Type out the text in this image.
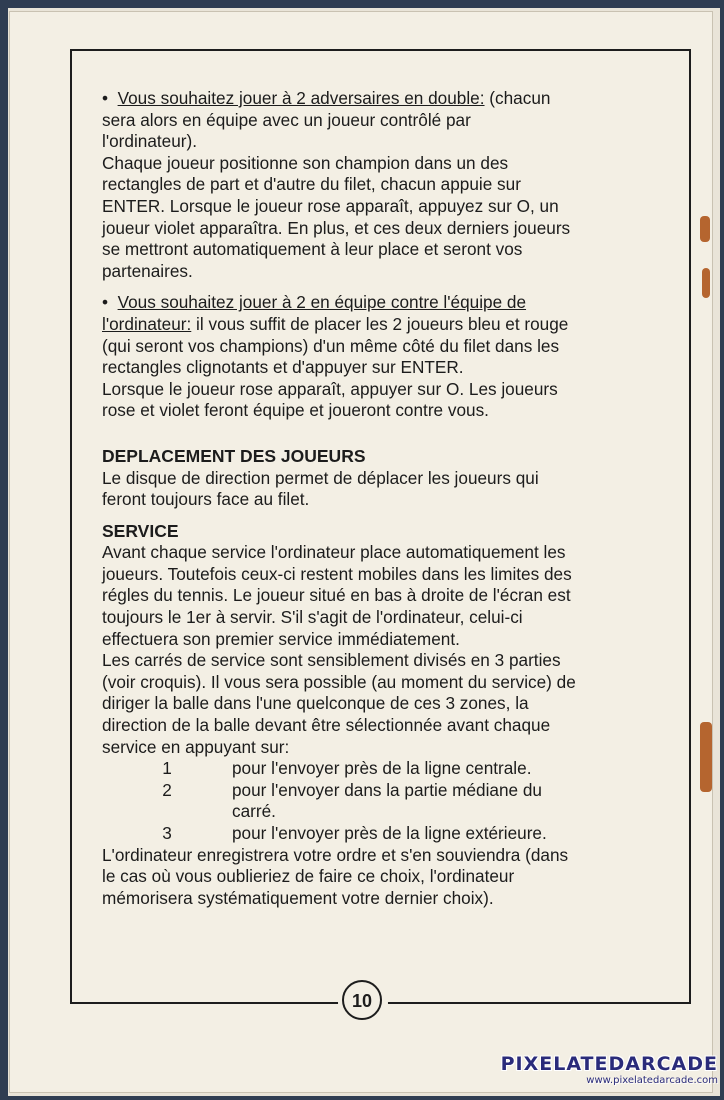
• Vous souhaitez jouer à 2 adversaires en double: (chacun

sera alors en équipe avec un joueur contrôlé par

l'ordinateur).

Chaque joueur positionne son champion dans un des

rectangles de part et d'autre du filet, chacun appuie sur

ENTER. Lorsque le joueur rose apparaît, appuyez sur O, un

joueur violet apparaîtra. En plus, et ces deux derniers joueurs

se mettront automatiquement à leur place et seront vos

partenaires.

• Vous souhaitez jouer à 2 en équipe contre l'équipe de

l'ordinateur: il vous suffit de placer les 2 joueurs bleu et rouge

(qui seront vos champions) d'un même côté du filet dans les

rectangles clignotants et d'appuyer sur ENTER.

Lorsque le joueur rose apparaît, appuyer sur O. Les joueurs

rose et violet feront équipe et joueront contre vous.

DEPLACEMENT DES JOUEURS

Le disque de direction permet de déplacer les joueurs qui

feront toujours face au filet.

SERVICE

Avant chaque service l'ordinateur place automatiquement les

joueurs. Toutefois ceux-ci restent mobiles dans les limites des

régles du tennis. Le joueur situé en bas à droite de l'écran est

toujours le 1er à servir. S'il s'agit de l'ordinateur, celui-ci

effectuera son premier service immédiatement.

Les carrés de service sont sensiblement divisés en 3 parties

(voir croquis). Il vous sera possible (au moment du service) de

diriger la balle dans l'une quelconque de ces 3 zones, la

direction de la balle devant être sélectionnée avant chaque

service en appuyant sur:

1	pour l'envoyer près de la ligne centrale.
2	pour l'envoyer dans la partie médiane du
carré.
3	pour l'envoyer près de la ligne extérieure.

L'ordinateur enregistrera votre ordre et s'en souviendra (dans

le cas où vous oublieriez de faire ce choix, l'ordinateur

mémorisera systématiquement votre dernier choix).

10
PIXELATEDARCADE
www.pixelatedarcade.com
